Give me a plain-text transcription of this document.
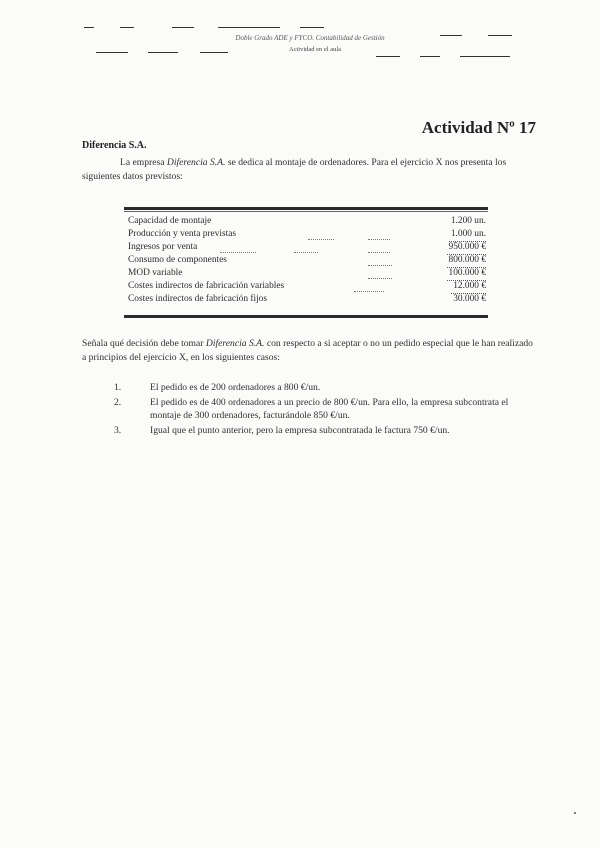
Doble Grado ADE y FYCO. Contabilidad de Gestión
Actividad en el aula
Actividad Nº 17
Diferencia S.A.

La empresa Diferencia S.A. se dedica al montaje de ordenadores. Para el ejercicio X nos presenta los siguientes datos previstos:

Capacidad de montaje	1.200 un.
Producción y venta previstas	1.000 un.
Ingresos por venta	950.000 €
Consumo de componentes	800.000 €
MOD variable	100.000 €
Costes indirectos de fabricación variables	12.000 €
Costes indirectos de fabricación fijos	30.000 €

Señala qué decisión debe tomar Diferencia S.A. con respecto a si aceptar o no un pedido especial que le han realizado a principios del ejercicio X, en los siguientes casos:

1.	El pedido es de 200 ordenadores a 800 €/un.
2.	El pedido es de 400 ordenadores a un precio de 800 €/un. Para ello, la empresa subcontrata el montaje de 300 ordenadores, facturándole 850 €/un.
3.	Igual que el punto anterior, pero la empresa subcontratada le factura 750 €/un.
